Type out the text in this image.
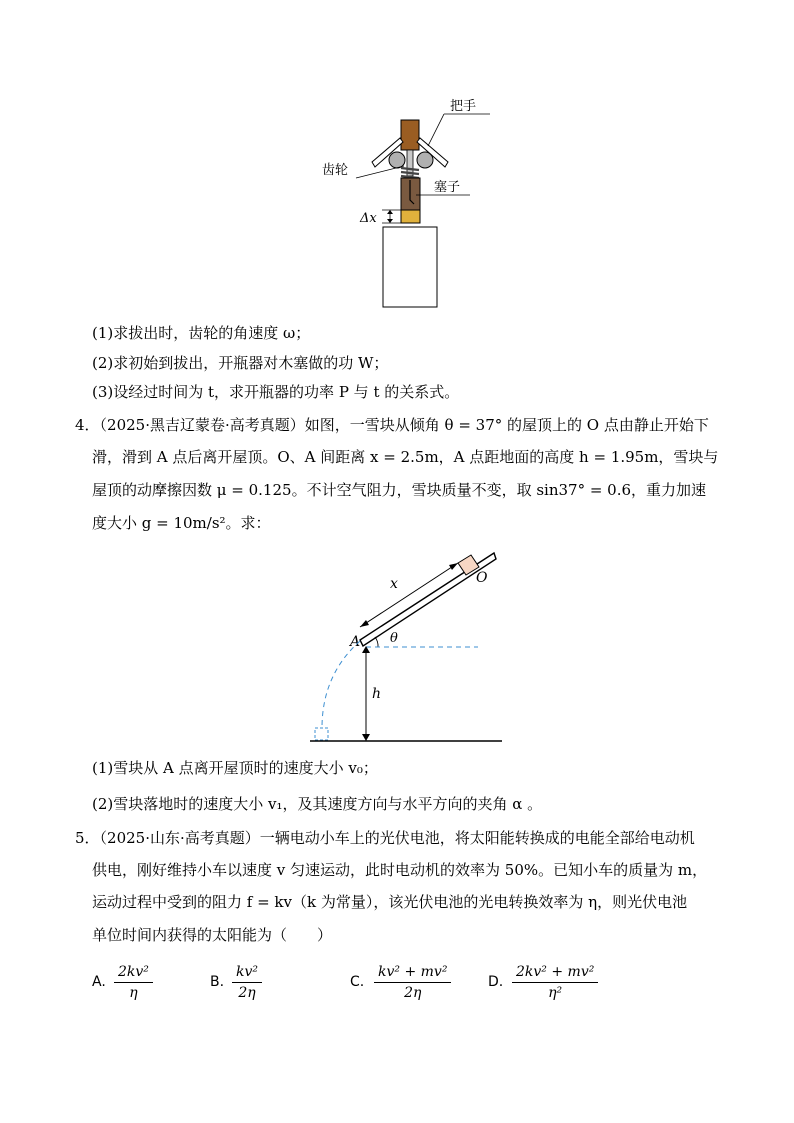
Δx
把手
齿轮
塞子
(1)求拔出时，齿轮的角速度 ω；
(2)求初始到拔出，开瓶器对木塞做的功 W；
(3)设经过时间为 t，求开瓶器的功率 P 与 t 的关系式。
4．（2025·黑吉辽蒙卷·高考真题）如图，一雪块从倾角 θ = 37° 的屋顶上的 O 点由静止开始下
滑，滑到 A 点后离开屋顶。O、A 间距离 x = 2.5m，A 点距地面的高度 h = 1.95m，雪块与
屋顶的动摩擦因数 μ = 0.125。不计空气阻力，雪块质量不变，取 sin37° = 0.6，重力加速
度大小 g = 10m/s²。求：
x	O
A θ
h
(1)雪块从 A 点离开屋顶时的速度大小 v₀；
(2)雪块落地时的速度大小 v₁，及其速度方向与水平方向的夹角 α 。
5．（2025·山东·高考真题）一辆电动小车上的光伏电池，将太阳能转换成的电能全部给电动机
供电，刚好维持小车以速度 v 匀速运动，此时电动机的效率为 50%。已知小车的质量为 m，
运动过程中受到的阻力 f = kv（k 为常量），该光伏电池的光电转换效率为 η，则光伏电池
单位时间内获得的太阳能为（　　）
A.
2kv²
η
B.
kv²
2η
C.
kv² + mv²
2η
D.
2kv² + mv²
η²
